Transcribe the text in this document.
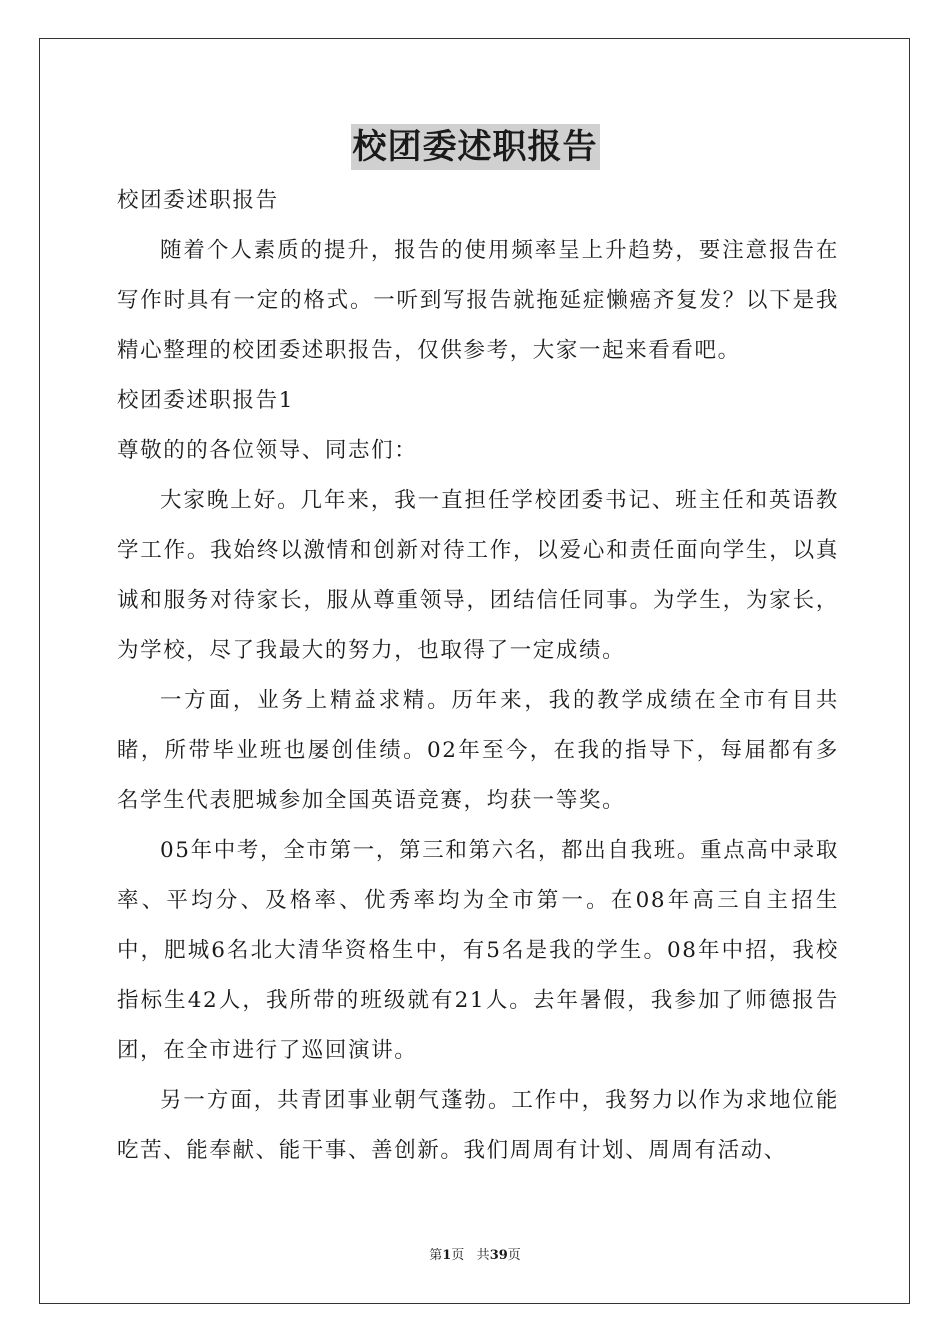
校团委述职报告

校团委述职报告

随着个人素质的提升，报告的使用频率呈上升趋势，要注意报告在写作时具有一定的格式。一听到写报告就拖延症懒癌齐复发？以下是我精心整理的校团委述职报告，仅供参考，大家一起来看看吧。

校团委述职报告1

尊敬的的各位领导、同志们：

大家晚上好。几年来，我一直担任学校团委书记、班主任和英语教学工作。我始终以激情和创新对待工作，以爱心和责任面向学生，以真诚和服务对待家长，服从尊重领导，团结信任同事。为学生，为家长，为学校，尽了我最大的努力，也取得了一定成绩。

一方面，业务上精益求精。历年来，我的教学成绩在全市有目共睹，所带毕业班也屡创佳绩。02年至今，在我的指导下，每届都有多名学生代表肥城参加全国英语竞赛，均获一等奖。

05年中考，全市第一，第三和第六名，都出自我班。重点高中录取率、平均分、及格率、优秀率均为全市第一。在08年高三自主招生中，肥城6名北大清华资格生中，有5名是我的学生。08年中招，我校指标生42人，我所带的班级就有21人。去年暑假，我参加了师德报告团，在全市进行了巡回演讲。

另一方面，共青团事业朝气蓬勃。工作中，我努力以作为求地位能吃苦、能奉献、能干事、善创新。我们周周有计划、周周有活动、

第1页 共39页
